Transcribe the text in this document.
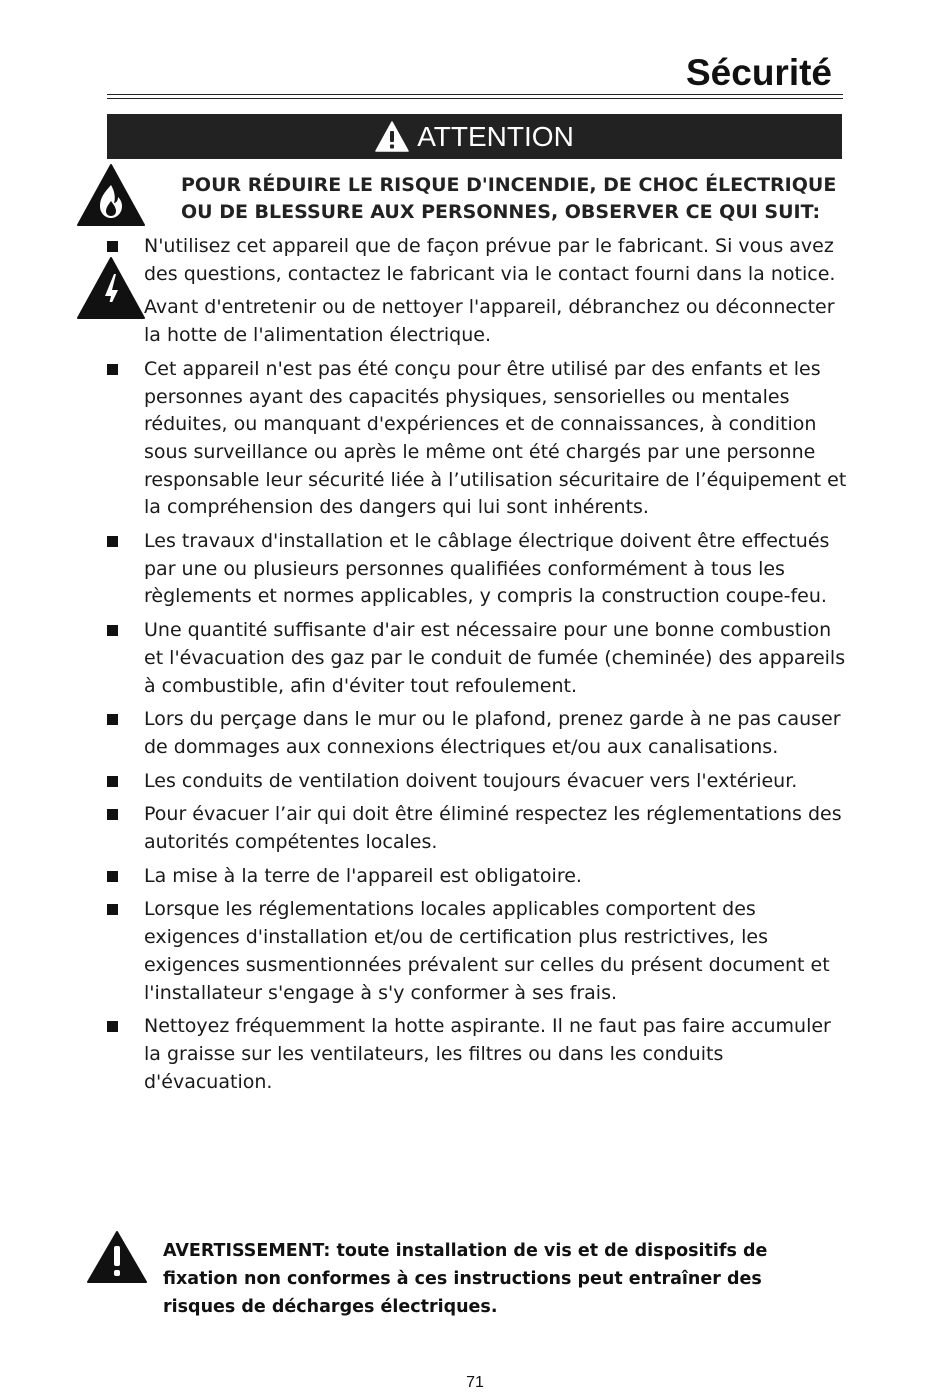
Sécurité
ATTENTION
POUR RÉDUIRE LE RISQUE D'INCENDIE, DE CHOC ÉLECTRIQUE OU DE BLESSURE AUX PERSONNES, OBSERVER CE QUI SUIT:
N'utilisez cet appareil que de façon prévue par le fabricant. Si vous avez des questions, contactez le fabricant via le contact fourni dans la notice.
Avant d'entretenir ou de nettoyer l'appareil, débranchez ou déconnecter la hotte de l'alimentation électrique.
Cet appareil n'est pas été conçu pour être utilisé par des enfants et les personnes ayant des capacités physiques, sensorielles ou mentales réduites, ou manquant d'expériences et de connaissances, à condition sous surveillance ou après le même ont été chargés par une personne responsable leur sécurité liée à l’utilisation sécuritaire de l’équipement et la compréhension des dangers qui lui sont inhérents.
Les travaux d'installation et le câblage électrique doivent être effectués par une ou plusieurs personnes qualifiées conformément à tous les règlements et normes applicables, y compris la construction coupe-feu.
Une quantité suffisante d'air est nécessaire pour une bonne combustion et l'évacuation des gaz par le conduit de fumée (cheminée) des appareils à combustible, afin d'éviter tout refoulement.
Lors du perçage dans le mur ou le plafond, prenez garde à ne pas causer de dommages aux connexions électriques et/ou aux canalisations.
Les conduits de ventilation doivent toujours évacuer vers l'extérieur.
Pour évacuer l’air qui doit être éliminé respectez les réglementations des autorités compétentes locales.
La mise à la terre de l'appareil est obligatoire.
Lorsque les réglementations locales applicables comportent des exigences d'installation et/ou de certification plus restrictives, les exigences susmentionnées prévalent sur celles du présent document et l'installateur s'engage à s'y conformer à ses frais.
Nettoyez fréquemment la hotte aspirante. Il ne faut pas faire accumuler la graisse sur les ventilateurs, les filtres ou dans les conduits d'évacuation.
AVERTISSEMENT: toute installation de vis et de dispositifs de fixation non conformes à ces instructions peut entraîner des risques de décharges électriques.
71
